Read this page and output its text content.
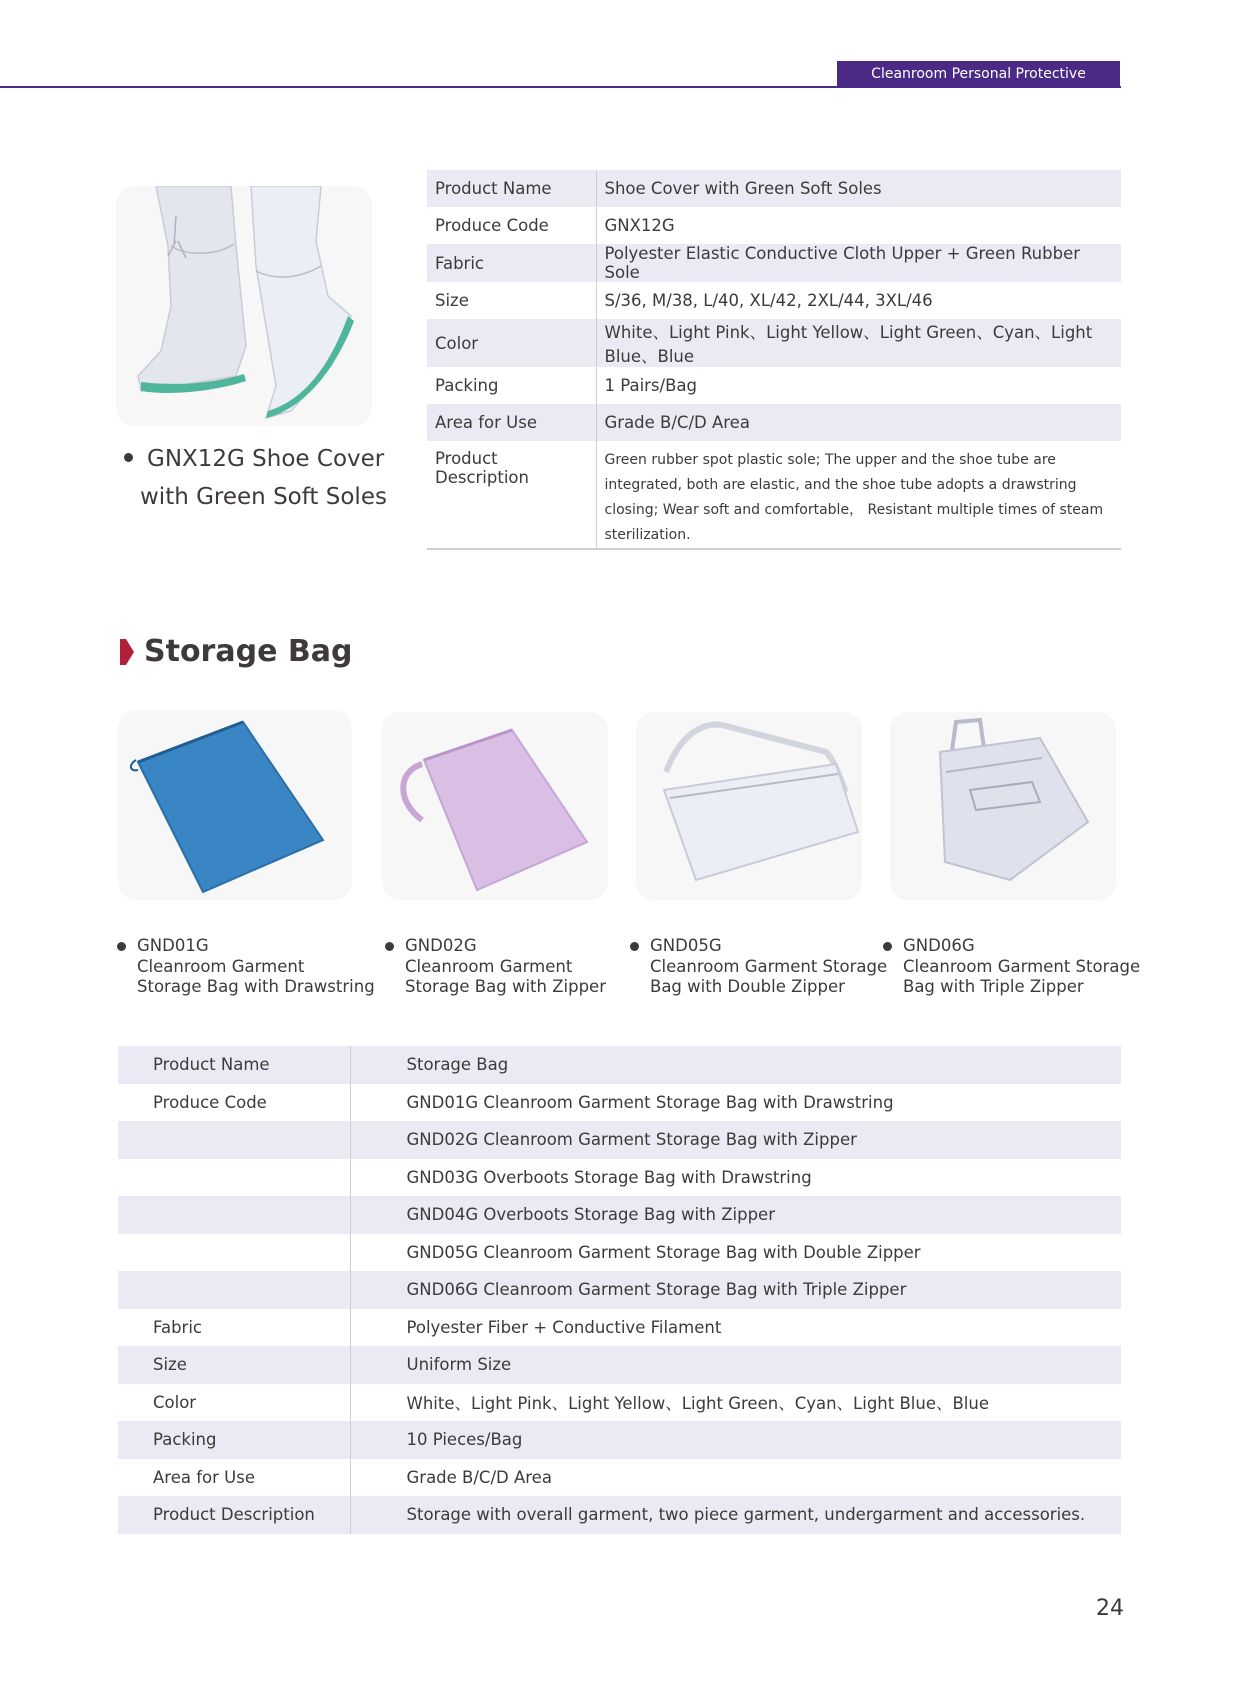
Cleanroom Personal Protective Solutions
GNX12G Shoe Cover
with Green Soft Soles
Product Name	Shoe Cover with Green Soft Soles
Produce Code	GNX12G
Fabric	Polyester Elastic Conductive Cloth Upper + Green Rubber Sole
Size	S/36, M/38, L/40, XL/42, 2XL/44, 3XL/46
Color	White、Light Pink、Light Yellow、Light Green、Cyan、Light Blue、Blue
Packing	1 Pairs/Bag
Area for Use	Grade B/C/D Area
Product Description	Green rubber spot plastic sole; The upper and the shoe tube are integrated, both are elastic, and the shoe tube adopts a drawstring closing; Wear soft and comfortable， Resistant multiple times of steam sterilization.
Storage Bag
GND01G
Cleanroom Garment
Storage Bag with Drawstring
GND02G
Cleanroom Garment
Storage Bag with Zipper
GND05G
Cleanroom Garment Storage
Bag with Double Zipper
GND06G
Cleanroom Garment Storage
Bag with Triple Zipper
Product Name	Storage Bag
Produce Code	GND01G Cleanroom Garment Storage Bag with Drawstring
	GND02G Cleanroom Garment Storage Bag with Zipper
	GND03G Overboots Storage Bag with Drawstring
	GND04G Overboots Storage Bag with Zipper
	GND05G Cleanroom Garment Storage Bag with Double Zipper
	GND06G Cleanroom Garment Storage Bag with Triple Zipper
Fabric	Polyester Fiber + Conductive Filament
Size	Uniform Size
Color	White、Light Pink、Light Yellow、Light Green、Cyan、Light Blue、Blue
Packing	10 Pieces/Bag
Area for Use	Grade B/C/D Area
Product Description	Storage with overall garment, two piece garment, undergarment and accessories.
24
